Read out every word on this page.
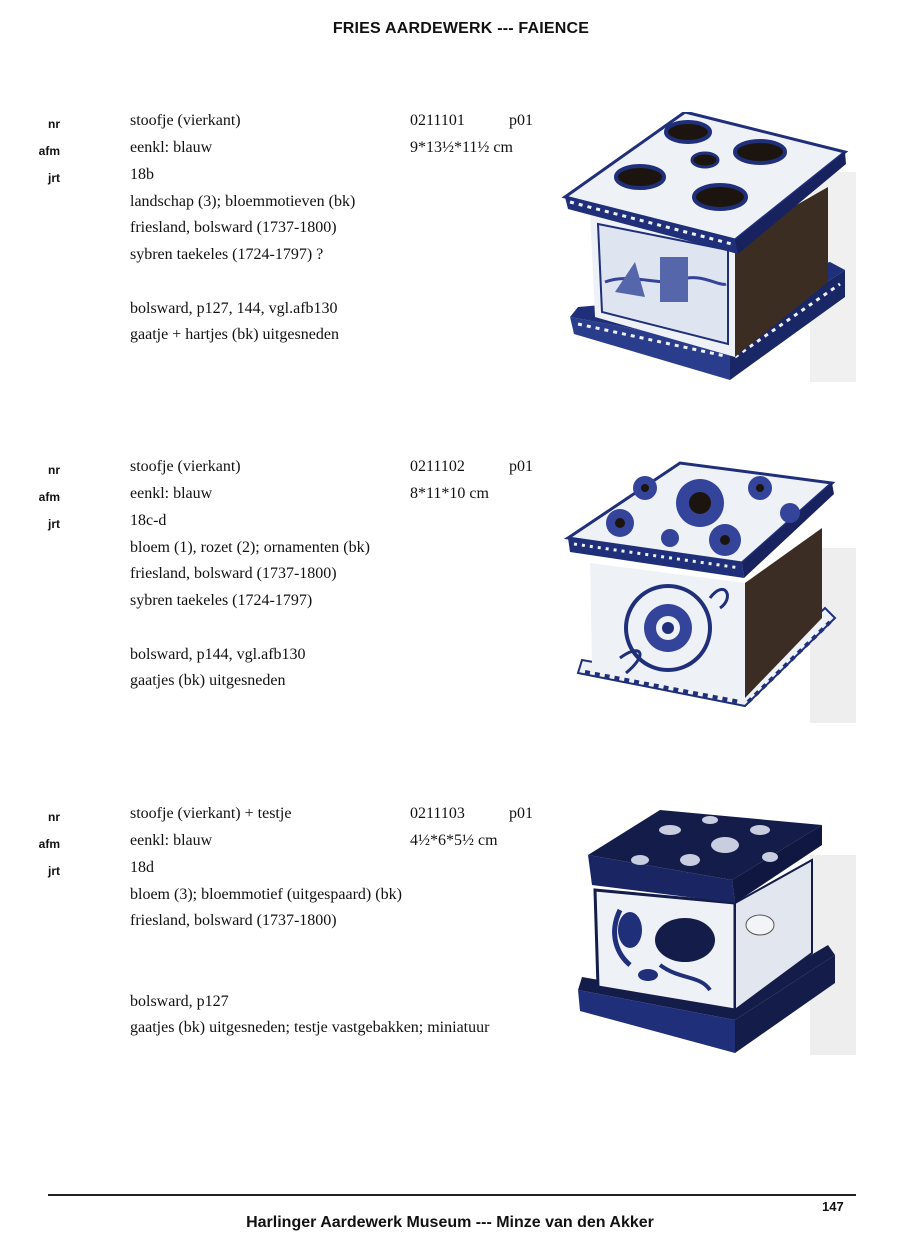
FRIES AARDEWERK --- FAIENCE
stoofje (vierkant)
nr	0211101	p01
eenkl: blauw
afm	9*13½*11½ cm
18b
jrt
landschap (3); bloemmotieven (bk)
friesland, bolsward (1737-1800)
sybren taekeles (1724-1797) ?
bolsward, p127, 144, vgl.afb130
gaatje + hartjes (bk) uitgesneden
stoofje (vierkant)
nr	0211102	p01
eenkl: blauw
afm	8*11*10 cm
18c-d
jrt
bloem (1), rozet (2); ornamenten (bk)
friesland, bolsward (1737-1800)
sybren taekeles (1724-1797)
bolsward, p144, vgl.afb130
gaatjes (bk) uitgesneden
stoofje (vierkant) + testje
nr	0211103	p01
eenkl: blauw
afm	4½*6*5½ cm
18d
jrt
bloem (3); bloemmotief (uitgespaard) (bk)
friesland, bolsward (1737-1800)
bolsward, p127
gaatjes (bk) uitgesneden; testje vastgebakken; miniatuur
147
Harlinger Aardewerk Museum --- Minze van den Akker
